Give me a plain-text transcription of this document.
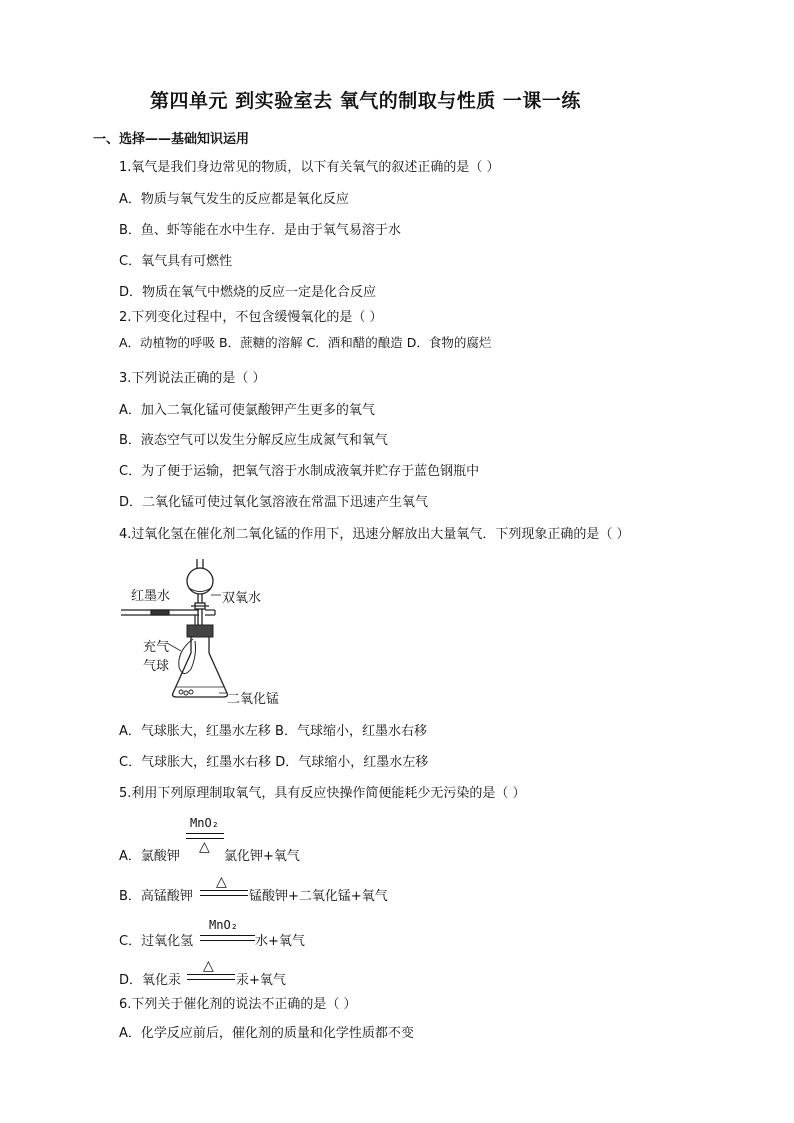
第四单元 到实验室去 氧气的制取与性质 一课一练
一、选择——基础知识运用
1.氧气是我们身边常见的物质，以下有关氧气的叙述正确的是（ ）
A．物质与氧气发生的反应都是氧化反应
B．鱼、虾等能在水中生存．是由于氧气易溶于水
C．氧气具有可燃性
D．物质在氧气中燃烧的反应一定是化合反应
2.下列变化过程中，不包含缓慢氧化的是（ ）
A．动植物的呼吸 B．蔗糖的溶解 C．酒和醋的酿造 D．食物的腐烂
3.下列说法正确的是（ ）
A．加入二氧化锰可使氯酸钾产生更多的氧气
B．液态空气可以发生分解反应生成氮气和氧气
C．为了便于运输，把氧气溶于水制成液氧并贮存于蓝色钢瓶中
D．二氧化锰可使过氧化氢溶液在常温下迅速产生氧气
4.过氧化氢在催化剂二氧化锰的作用下，迅速分解放出大量氧气．下列现象正确的是（ ）
红墨水	双氧水
充气
气球
二氧化锰
A．气球胀大，红墨水左移 B．气球缩小，红墨水右移
C．气球胀大，红墨水右移 D．气球缩小，红墨水左移
5.利用下列原理制取氧气，具有反应快操作简便能耗少无污染的是（ ）
A．氯酸钾
MnO₂
△
氯化钾+氧气
B．高锰酸钾
△
锰酸钾+二氧化锰+氧气
C．过氧化氢
MnO₂
水+氧气
D．氧化汞
△
汞+氧气
6.下列关于催化剂的说法不正确的是（ ）
A．化学反应前后，催化剂的质量和化学性质都不变
